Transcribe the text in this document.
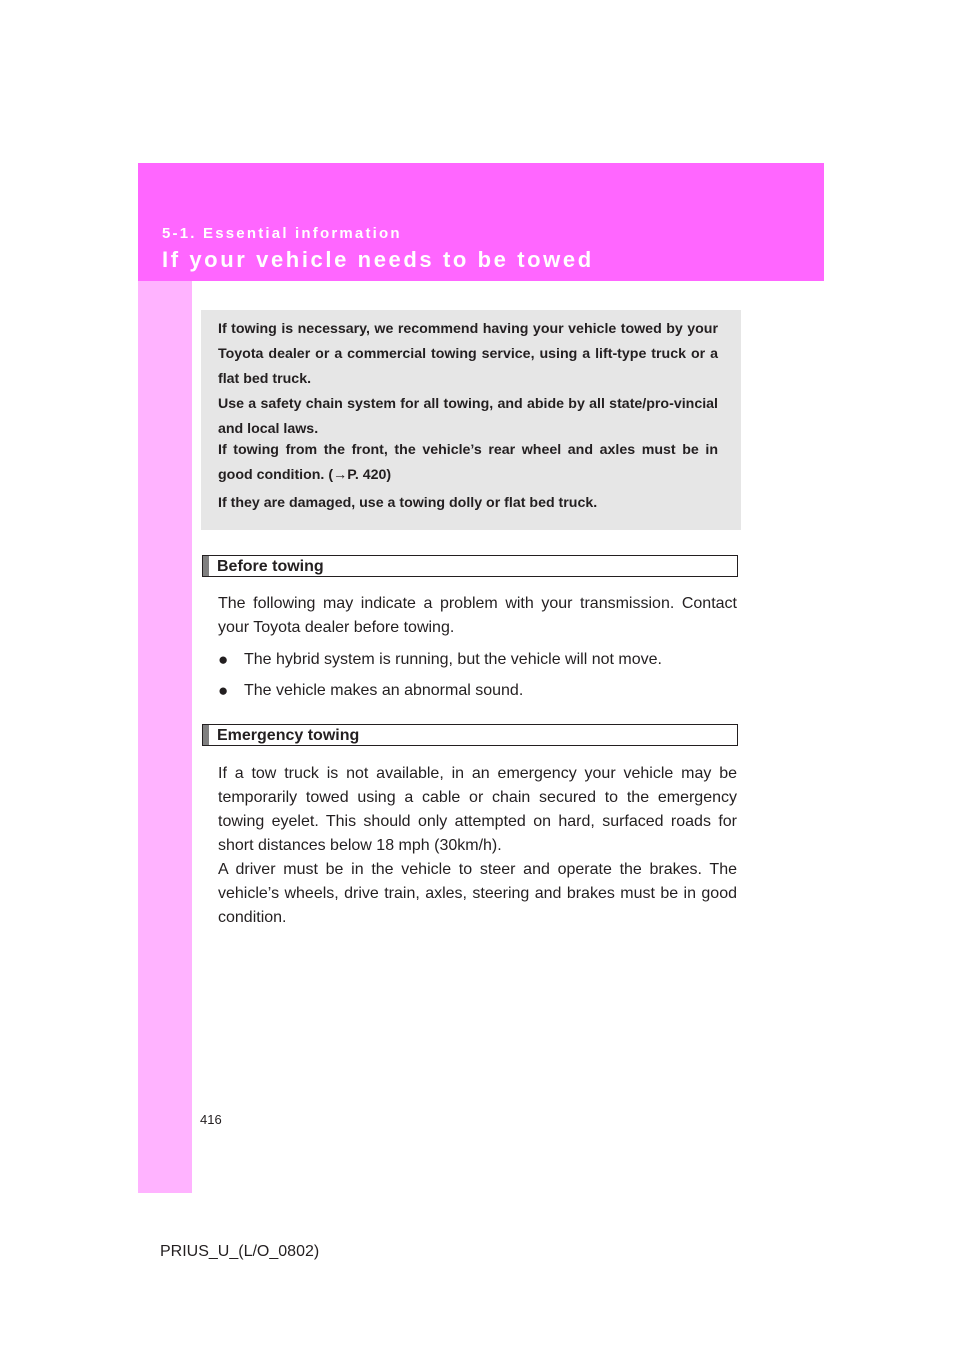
5-1. Essential information
If your vehicle needs to be towed

If towing is necessary, we recommend having your vehicle towed by your Toyota dealer or a commercial towing service, using a lift-type truck or a flat bed truck.

Use a safety chain system for all towing, and abide by all state/pro-vincial and local laws.

If towing from the front, the vehicle’s rear wheel and axles must be in good condition. (→P. 420)

If they are damaged, use a towing dolly or flat bed truck.

Before towing

The following may indicate a problem with your transmission. Contact your Toyota dealer before towing.

● The hybrid system is running, but the vehicle will not move.
● The vehicle makes an abnormal sound.
Emergency towing

If a tow truck is not available, in an emergency your vehicle may be temporarily towed using a cable or chain secured to the emergency towing eyelet. This should only attempted on hard, surfaced roads for short distances below 18 mph (30km/h).

A driver must be in the vehicle to steer and operate the brakes. The vehicle’s wheels, drive train, axles, steering and brakes must be in good condition.

416
PRIUS_U_(L/O_0802)
